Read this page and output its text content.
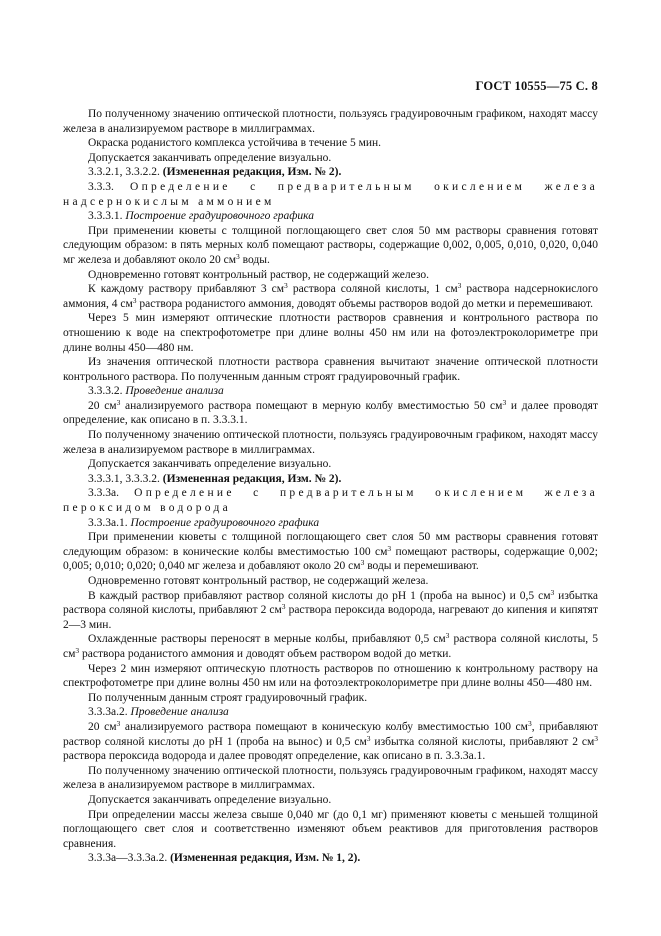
ГОСТ 10555—75 С. 8

По полученному значению оптической плотности, пользуясь градуировочным графиком, находят массу железа в анализируемом растворе в миллиграммах.

Окраска роданистого комплекса устойчива в течение 5 мин.

Допускается заканчивать определение визуально.

3.3.2.1, 3.3.2.2. (Измененная редакция, Изм. № 2).

3.3.3. Определение с предварительным окислением железа надсернокислым аммонием

3.3.3.1. Построение градуировочного графика

При применении кюветы с толщиной поглощающего свет слоя 50 мм растворы сравнения готовят следующим образом: в пять мерных колб помещают растворы, содержащие 0,002, 0,005, 0,010, 0,020, 0,040 мг железа и добавляют около 20 $см^3$ воды.

Одновременно готовят контрольный раствор, не содержащий железо.

К каждому раствору прибавляют 3 $см^3$ раствора соляной кислоты, 1 $см^3$ раствора надсернокислого аммония, 4 $см^3$ раствора роданистого аммония, доводят объемы растворов водой до метки и перемешивают.

Через 5 мин измеряют оптические плотности растворов сравнения и контрольного раствора по отношению к воде на спектрофотометре при длине волны 450 нм или на фотоэлектроколориметре при длине волны 450—480 нм.

Из значения оптической плотности раствора сравнения вычитают значение оптической плотности контрольного раствора. По полученным данным строят градуировочный график.

3.3.3.2. Проведение анализа

20 $см^3$ анализируемого раствора помещают в мерную колбу вместимостью 50 $см^3$ и далее проводят определение, как описано в п. 3.3.3.1.

По полученному значению оптической плотности, пользуясь градуировочным графиком, находят массу железа в анализируемом растворе в миллиграммах.

Допускается заканчивать определение визуально.

3.3.3.1, 3.3.3.2. (Измененная редакция, Изм. № 2).

3.3.3а. Определение с предварительным окислением железа пероксидом водорода

3.3.3а.1. Построение градуировочного графика

При применении кюветы с толщиной поглощающего свет слоя 50 мм растворы сравнения готовят следующим образом: в конические колбы вместимостью 100 $см^3$ помещают растворы, содержащие 0,002; 0,005; 0,010; 0,020; 0,040 мг железа и добавляют около 20 $см^3$ воды и перемешивают.

Одновременно готовят контрольный раствор, не содержащий железа.

В каждый раствор прибавляют раствор соляной кислоты до pH 1 (проба на вынос) и 0,5 $см^3$ избытка раствора соляной кислоты, прибавляют 2 $см^3$ раствора пероксида водорода, нагревают до кипения и кипятят 2—3 мин.

Охлажденные растворы переносят в мерные колбы, прибавляют 0,5 $см^3$ раствора соляной кислоты, 5 $см^3$ раствора роданистого аммония и доводят объем раствором водой до метки.

Через 2 мин измеряют оптическую плотность растворов по отношению к контрольному раствору на спектрофотометре при длине волны 450 нм или на фотоэлектроколориметре при длине волны 450—480 нм.

По полученным данным строят градуировочный график.

3.3.3а.2. Проведение анализа

20 $см^3$ анализируемого раствора помещают в коническую колбу вместимостью 100 $см^3$, прибавляют раствор соляной кислоты до pH 1 (проба на вынос) и 0,5 $см^3$ избытка соляной кислоты, прибавляют 2 $см^3$ раствора пероксида водорода и далее проводят определение, как описано в п. 3.3.3а.1.

По полученному значению оптической плотности, пользуясь градуировочным графиком, находят массу железа в анализируемом растворе в миллиграммах.

Допускается заканчивать определение визуально.

При определении массы железа свыше 0,040 мг (до 0,1 мг) применяют кюветы с меньшей толщиной поглощающего свет слоя и соответственно изменяют объем реактивов для приготовления растворов сравнения.

3.3.3а—3.3.3а.2. (Измененная редакция, Изм. № 1, 2).
